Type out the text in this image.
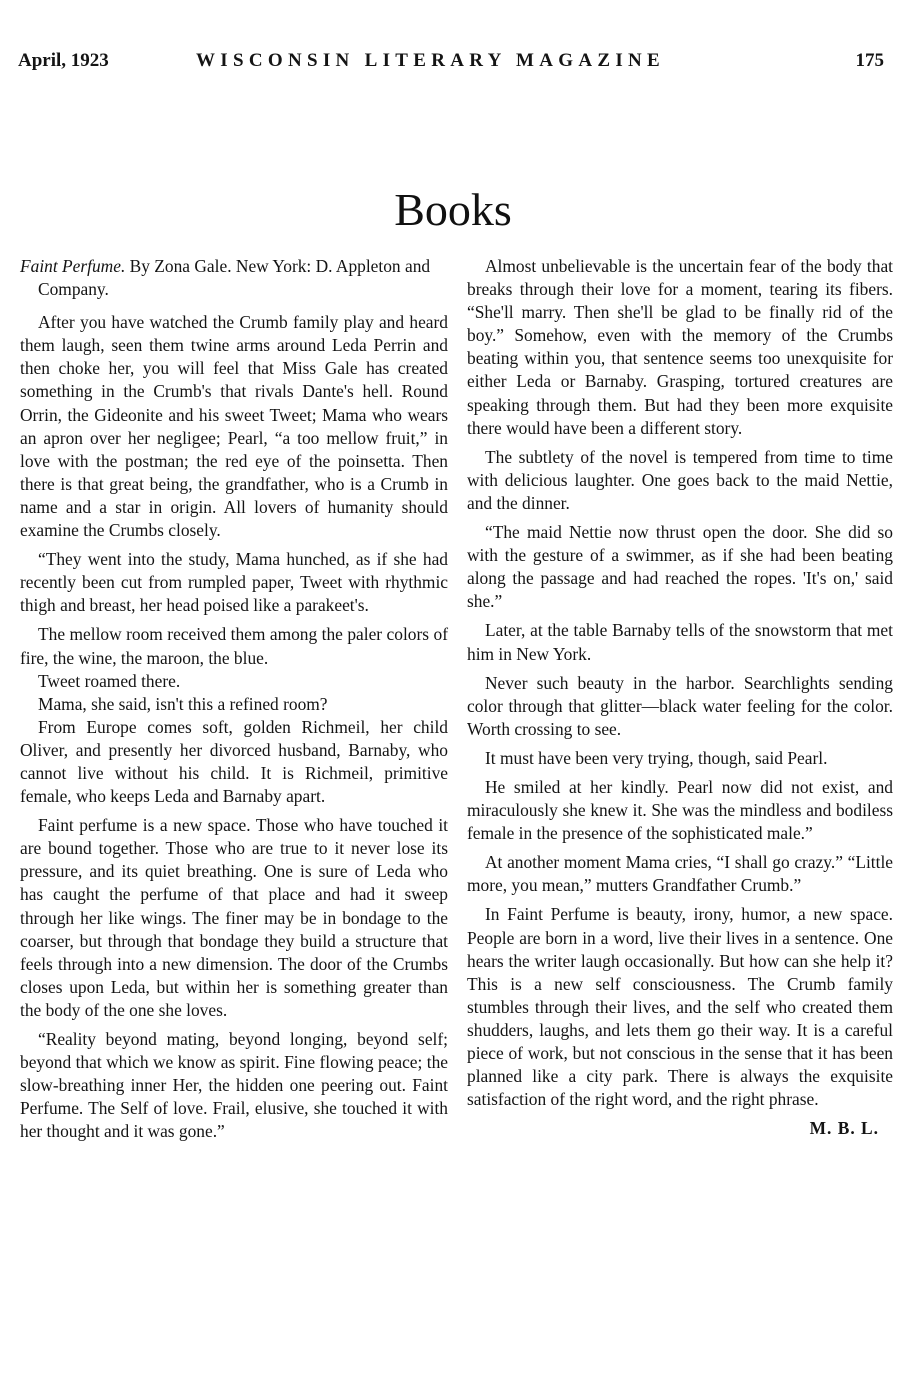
April, 1923	WISCONSIN LITERARY MAGAZINE	175
Books

Faint Perfume. By Zona Gale. New York: D. Appleton and Company.

After you have watched the Crumb family play and heard them laugh, seen them twine arms around Leda Perrin and then choke her, you will feel that Miss Gale has created something in the Crumb's that rivals Dante's hell. Round Orrin, the Gideonite and his sweet Tweet; Mama who wears an apron over her negligee; Pearl, “a too mellow fruit,” in love with the postman; the red eye of the poinsetta. Then there is that great being, the grandfather, who is a Crumb in name and a star in origin. All lovers of humanity should examine the Crumbs closely.

“They went into the study, Mama hunched, as if she had recently been cut from rumpled paper, Tweet with rhythmic thigh and breast, her head poised like a parakeet's.

The mellow room received them among the paler colors of fire, the wine, the maroon, the blue.

Tweet roamed there.

Mama, she said, isn't this a refined room?

From Europe comes soft, golden Richmeil, her child Oliver, and presently her divorced husband, Barnaby, who cannot live without his child. It is Richmeil, primitive female, who keeps Leda and Barnaby apart.

Faint perfume is a new space. Those who have touched it are bound together. Those who are true to it never lose its pressure, and its quiet breathing. One is sure of Leda who has caught the perfume of that place and had it sweep through her like wings. The finer may be in bondage to the coarser, but through that bondage they build a structure that feels through into a new dimension. The door of the Crumbs closes upon Leda, but within her is something greater than the body of the one she loves.

“Reality beyond mating, beyond longing, beyond self; beyond that which we know as spirit. Fine flowing peace; the slow-breathing inner Her, the hidden one peering out. Faint Perfume. The Self of love. Frail, elusive, she touched it with her thought and it was gone.”

Almost unbelievable is the uncertain fear of the body that breaks through their love for a moment, tearing its fibers. “She'll marry. Then she'll be glad to be finally rid of the boy.” Somehow, even with the memory of the Crumbs beating within you, that sentence seems too unexquisite for either Leda or Barnaby. Grasping, tortured creatures are speaking through them. But had they been more exquisite there would have been a different story.

The subtlety of the novel is tempered from time to time with delicious laughter. One goes back to the maid Nettie, and the dinner.

“The maid Nettie now thrust open the door. She did so with the gesture of a swimmer, as if she had been beating along the passage and had reached the ropes. 'It's on,' said she.”

Later, at the table Barnaby tells of the snowstorm that met him in New York.

Never such beauty in the harbor. Searchlights sending color through that glitter—black water feeling for the color. Worth crossing to see.

It must have been very trying, though, said Pearl.

He smiled at her kindly. Pearl now did not exist, and miraculously she knew it. She was the mindless and bodiless female in the presence of the sophisticated male.”

At another moment Mama cries, “I shall go crazy.” “Little more, you mean,” mutters Grandfather Crumb.”

In Faint Perfume is beauty, irony, humor, a new space. People are born in a word, live their lives in a sentence. One hears the writer laugh occasionally. But how can she help it? This is a new self consciousness. The Crumb family stumbles through their lives, and the self who created them shudders, laughs, and lets them go their way. It is a careful piece of work, but not conscious in the sense that it has been planned like a city park. There is always the exquisite satisfaction of the right word, and the right phrase.

M. B. L.
